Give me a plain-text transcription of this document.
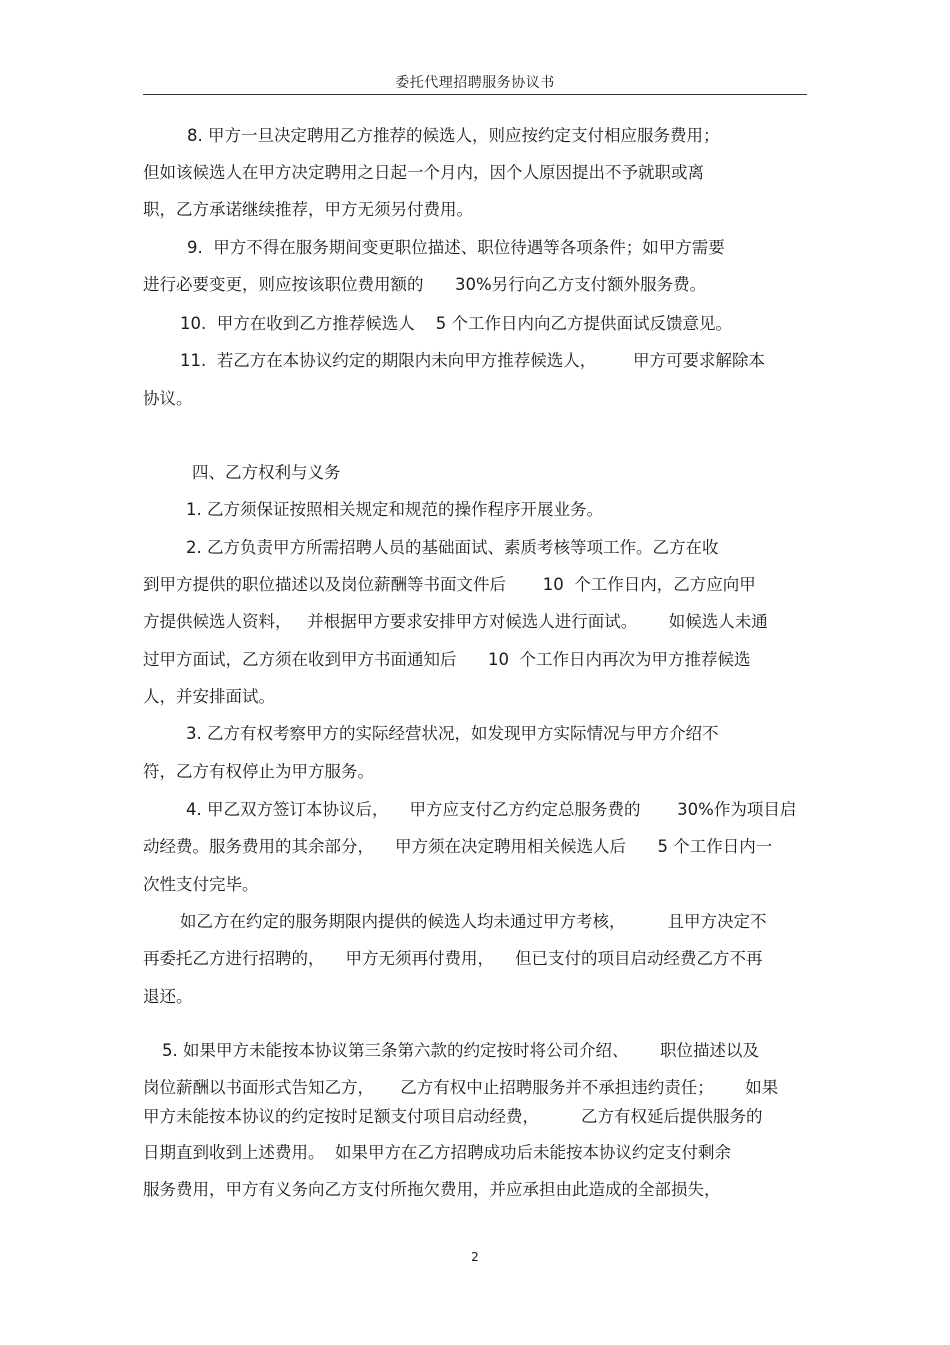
委托代理招聘服务协议书
8. 甲方一旦决定聘用乙方推荐的候选人，则应按约定支付相应服务费用；
但如该候选人在甲方决定聘用之日起一个月内，因个人原因提出不予就职或离
职，乙方承诺继续推荐，甲方无须另付费用。
9.  甲方不得在服务期间变更职位描述、职位待遇等各项条件；如甲方需要
进行必要变更，则应按该职位费用额的      30%另行向乙方支付额外服务费。
10.  甲方在收到乙方推荐候选人    5 个工作日内向乙方提供面试反馈意见。
11.  若乙方在本协议约定的期限内未向甲方推荐候选人，       甲方可要求解除本
协议。
四、乙方权利与义务
1. 乙方须保证按照相关规定和规范的操作程序开展业务。
2. 乙方负责甲方所需招聘人员的基础面试、素质考核等项工作。乙方在收
到甲方提供的职位描述以及岗位薪酬等书面文件后       10  个工作日内，乙方应向甲
方提供候选人资料，   并根据甲方要求安排甲方对候选人进行面试。      如候选人未通
过甲方面试，乙方须在收到甲方书面通知后      10  个工作日内再次为甲方推荐候选
人，并安排面试。
3. 乙方有权考察甲方的实际经营状况，如发现甲方实际情况与甲方介绍不
符，乙方有权停止为甲方服务。
4. 甲乙双方签订本协议后，    甲方应支付乙方约定总服务费的       30%作为项目启
动经费。服务费用的其余部分，    甲方须在决定聘用相关候选人后      5 个工作日内一
次性支付完毕。
如乙方在约定的服务期限内提供的候选人均未通过甲方考核，        且甲方决定不
再委托乙方进行招聘的，    甲方无须再付费用，    但已支付的项目启动经费乙方不再
退还。
5. 如果甲方未能按本协议第三条第六款的约定按时将公司介绍、      职位描述以及
岗位薪酬以书面形式告知乙方，     乙方有权中止招聘服务并不承担违约责任；      如果
甲方未能按本协议的约定按时足额支付项目启动经费，        乙方有权延后提供服务的
日期直到收到上述费用。  如果甲方在乙方招聘成功后未能按本协议约定支付剩余
服务费用，甲方有义务向乙方支付所拖欠费用，并应承担由此造成的全部损失，
2
